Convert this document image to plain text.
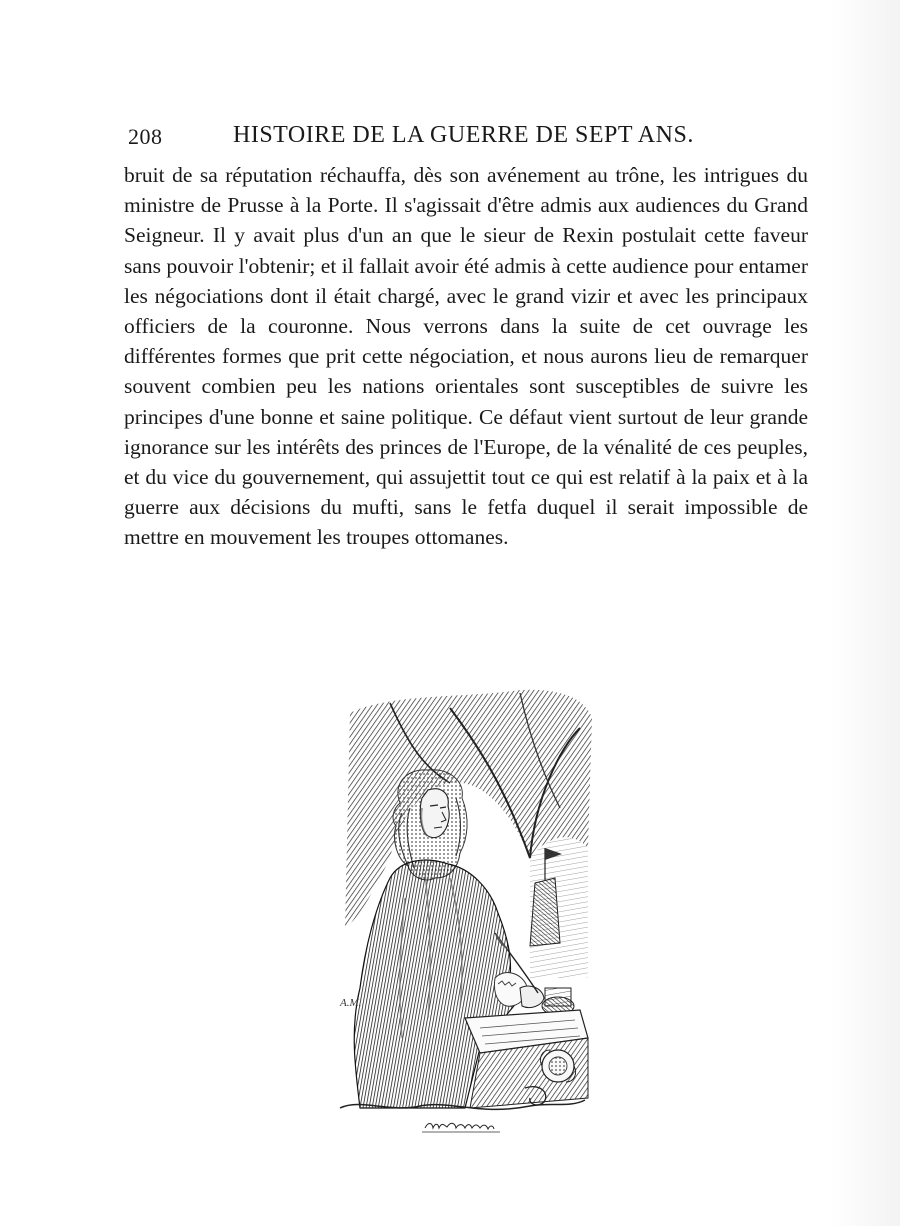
208	HISTOIRE DE LA GUERRE DE SEPT ANS.

bruit de sa réputation réchauffa, dès son avénement au trône, les intrigues du ministre de Prusse à la Porte. Il s'agissait d'être admis aux audiences du Grand Seigneur. Il y avait plus d'un an que le sieur de Rexin postulait cette faveur sans pouvoir l'obtenir; et il fallait avoir été admis à cette audience pour entamer les négociations dont il était chargé, avec le grand vizir et avec les principaux officiers de la couronne. Nous verrons dans la suite de cet ouvrage les différentes formes que prit cette négociation, et nous aurons lieu de remarquer souvent combien peu les nations orientales sont susceptibles de suivre les principes d'une bonne et saine politique. Ce défaut vient surtout de leur grande ignorance sur les intérêts des princes de l'Europe, de la vénalité de ces peuples, et du vice du gouvernement, qui assujettit tout ce qui est relatif à la paix et à la guerre aux décisions du mufti, sans le fetfa duquel il serait impossible de mettre en mouvement les troupes ottomanes.

A.M.
